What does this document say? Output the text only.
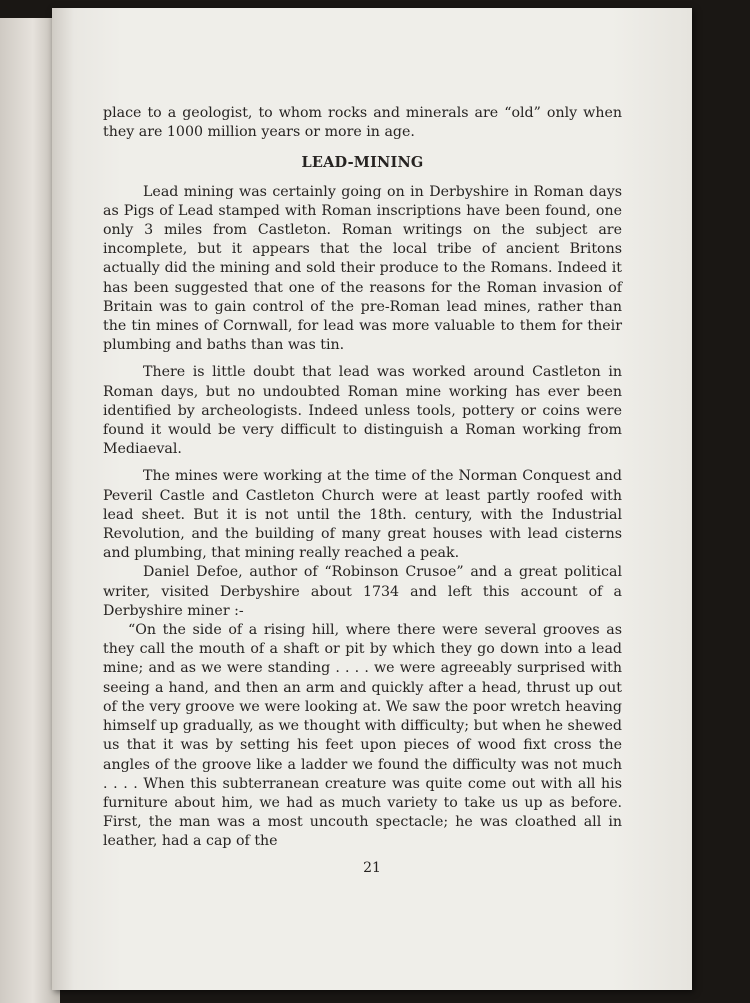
place to a geologist, to whom rocks and minerals are “old” only when they are 1000 million years or more in age.

LEAD-MINING

Lead mining was certainly going on in Derbyshire in Roman days as Pigs of Lead stamped with Roman inscriptions have been found, one only 3 miles from Castleton. Roman writings on the subject are incomplete, but it appears that the local tribe of ancient Britons actually did the mining and sold their produce to the Romans. Indeed it has been suggested that one of the reasons for the Roman invasion of Britain was to gain control of the pre-Roman lead mines, rather than the tin mines of Cornwall, for lead was more valuable to them for their plumbing and baths than was tin.

There is little doubt that lead was worked around Castleton in Roman days, but no undoubted Roman mine working has ever been identified by archeologists. Indeed unless tools, pottery or coins were found it would be very difficult to distinguish a Roman working from Mediaeval.

The mines were working at the time of the Norman Conquest and Peveril Castle and Castleton Church were at least partly roofed with lead sheet. But it is not until the 18th. century, with the Industrial Revolution, and the building of many great houses with lead cisterns and plumbing, that mining really reached a peak.

Daniel Defoe, author of “Robinson Crusoe” and a great political writer, visited Derbyshire about 1734 and left this account of a Derbyshire miner :-

“On the side of a rising hill, where there were several grooves as they call the mouth of a shaft or pit by which they go down into a lead mine; and as we were standing . . . . we were agreeably surprised with seeing a hand, and then an arm and quickly after a head, thrust up out of the very groove we were looking at. We saw the poor wretch heaving himself up gradually, as we thought with difficulty; but when he shewed us that it was by setting his feet upon pieces of wood fixt cross the angles of the groove like a ladder we found the difficulty was not much . . . . When this subterranean creature was quite come out with all his furniture about him, we had as much variety to take us up as before. First, the man was a most uncouth spectacle; he was cloathed all in leather, had a cap of the

21
